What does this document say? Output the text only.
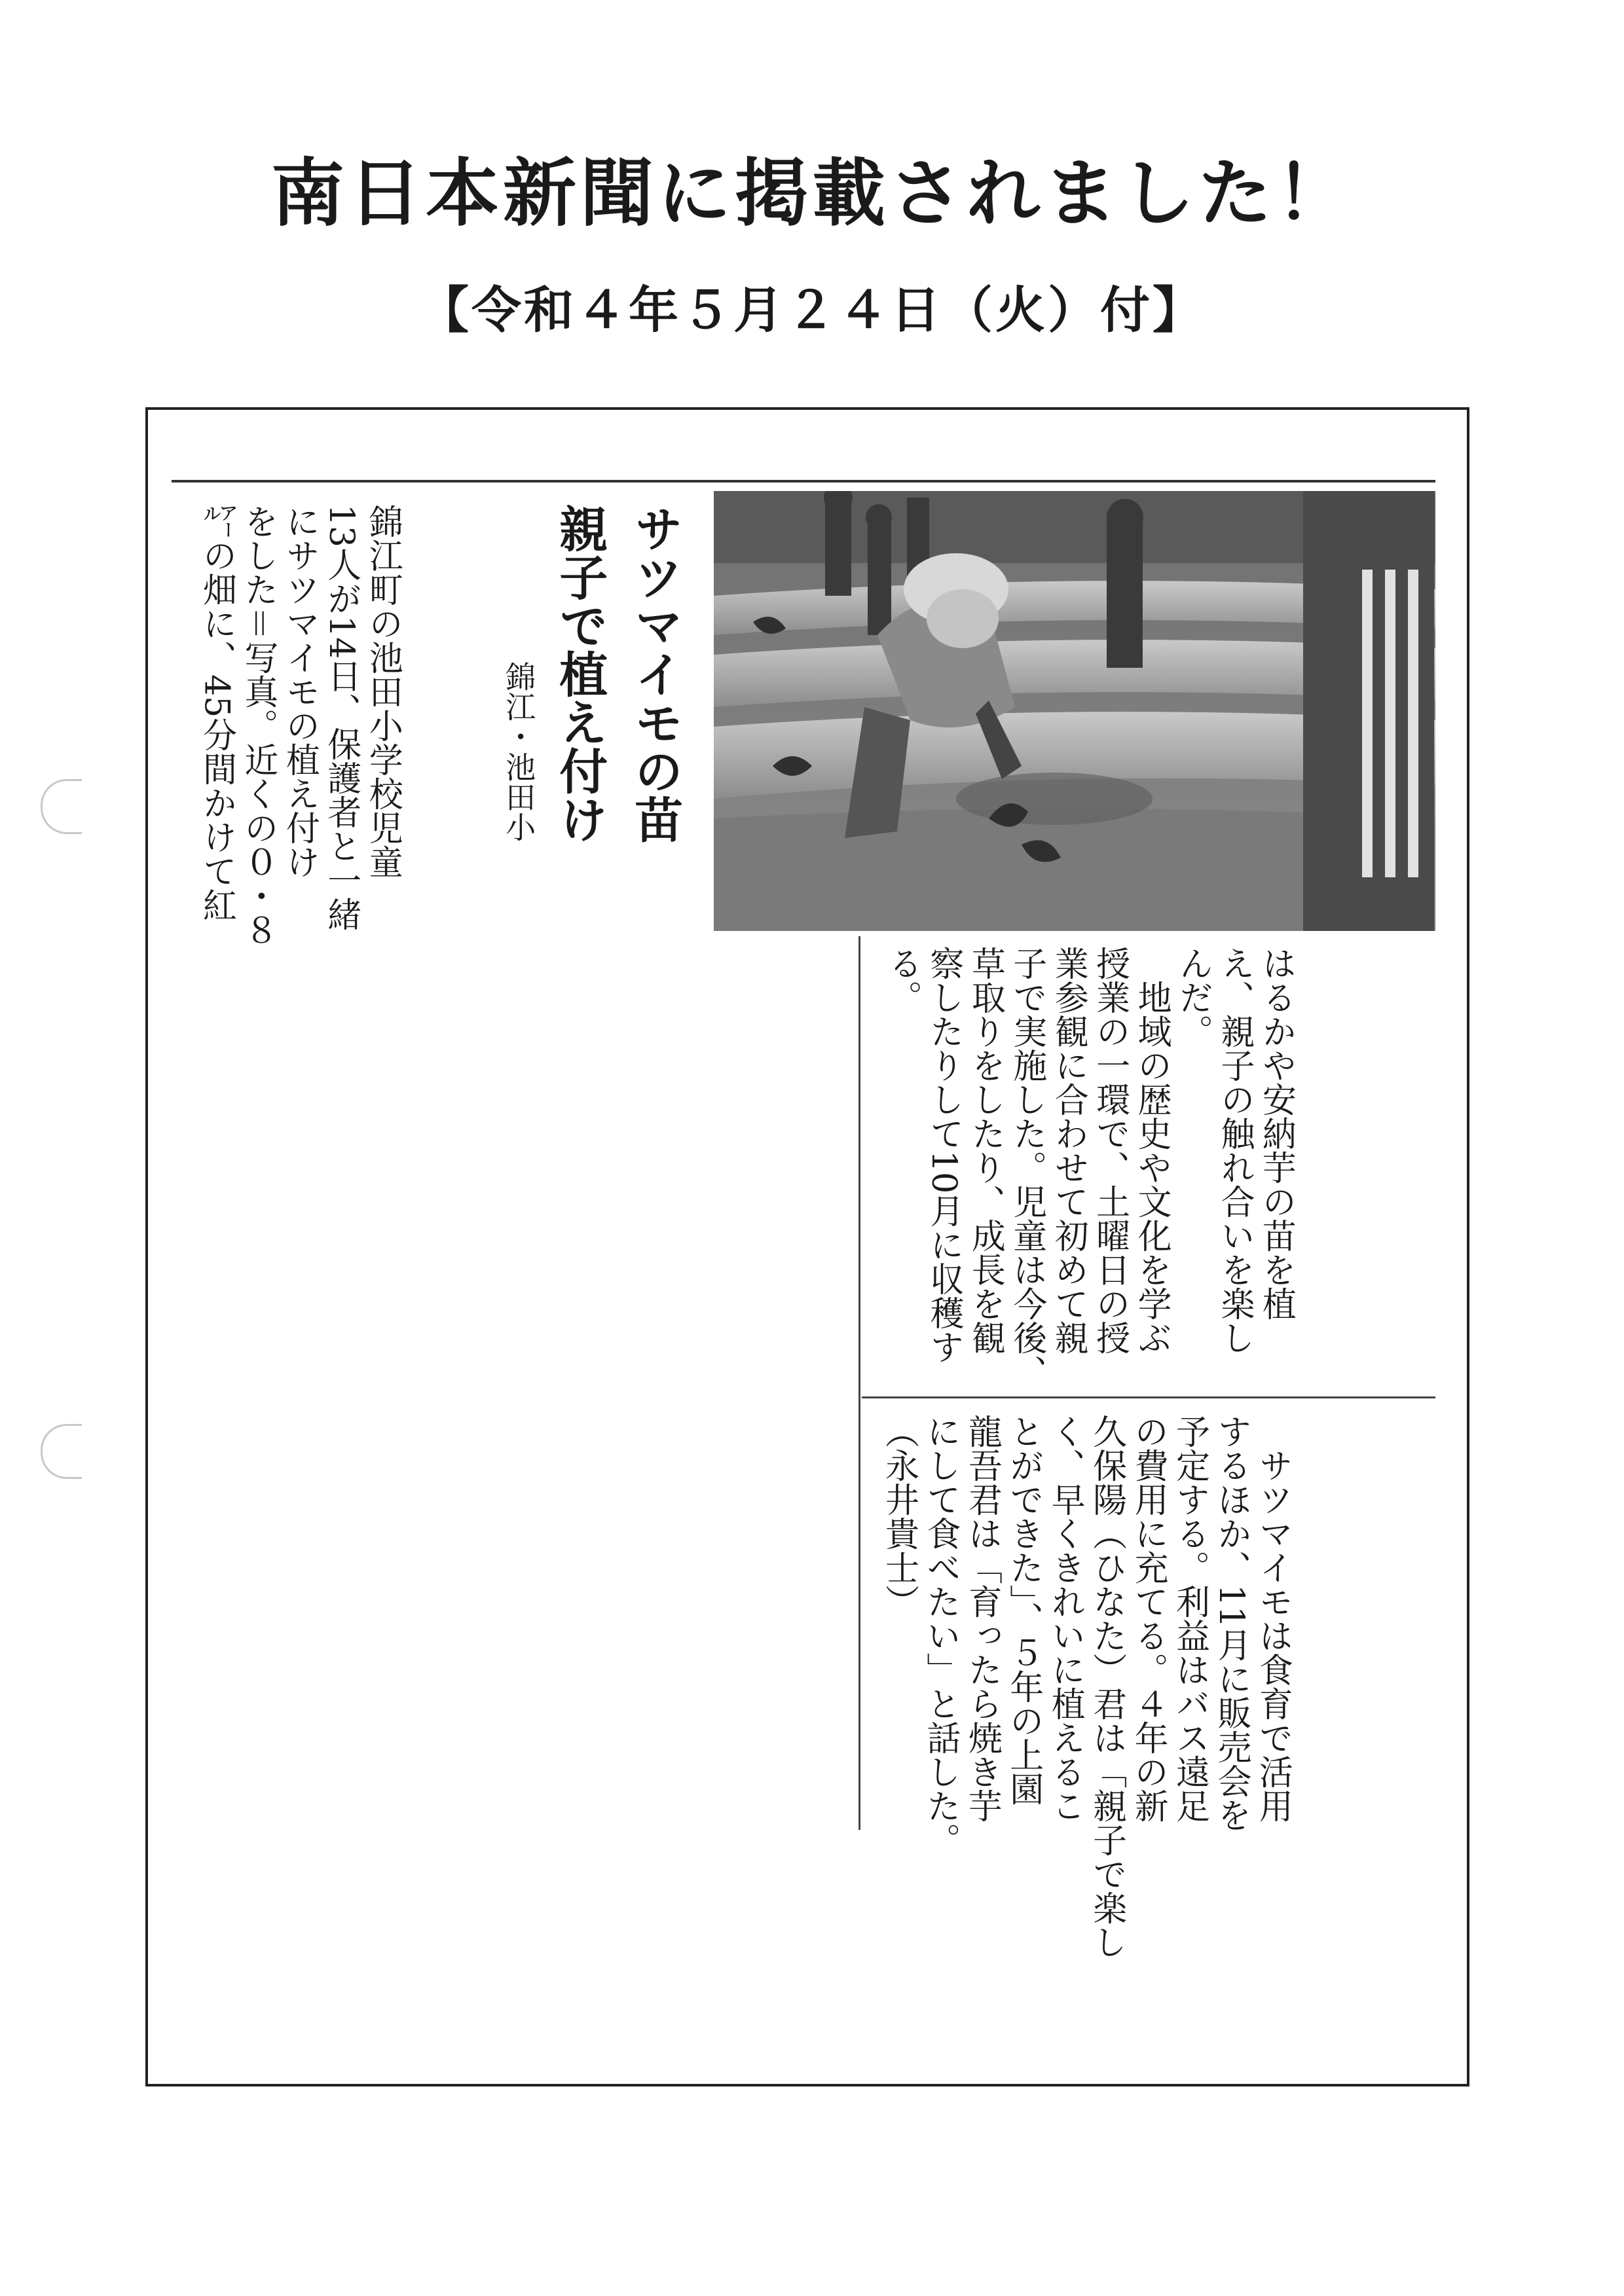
南日本新聞に掲載されました！
【令和４年５月２４日（火）付】
サツマイモの苗
親子で植え付け
錦江・池田小
錦江町の池田小学校児童
13人が14日、保護者と一緒
にサツマイモの植え付け
をした＝写真。近くの０・８
㌃の畑に、45分間かけて紅
はるかや安納芋の苗を植
え、親子の触れ合いを楽し
んだ。
　地域の歴史や文化を学ぶ
授業の一環で、土曜日の授
業参観に合わせて初めて親
子で実施した。児童は今後、
草取りをしたり、成長を観
察したりして10月に収穫す
る。
　サツマイモは食育で活用
するほか、11月に販売会を
予定する。利益はバス遠足
の費用に充てる。４年の新
久保陽（ひなた）君は「親子で楽し
く、早くきれいに植えるこ
とができた」、５年の上園
龍吾君は「育ったら焼き芋
にして食べたい」と話した。
（永井貴士）
